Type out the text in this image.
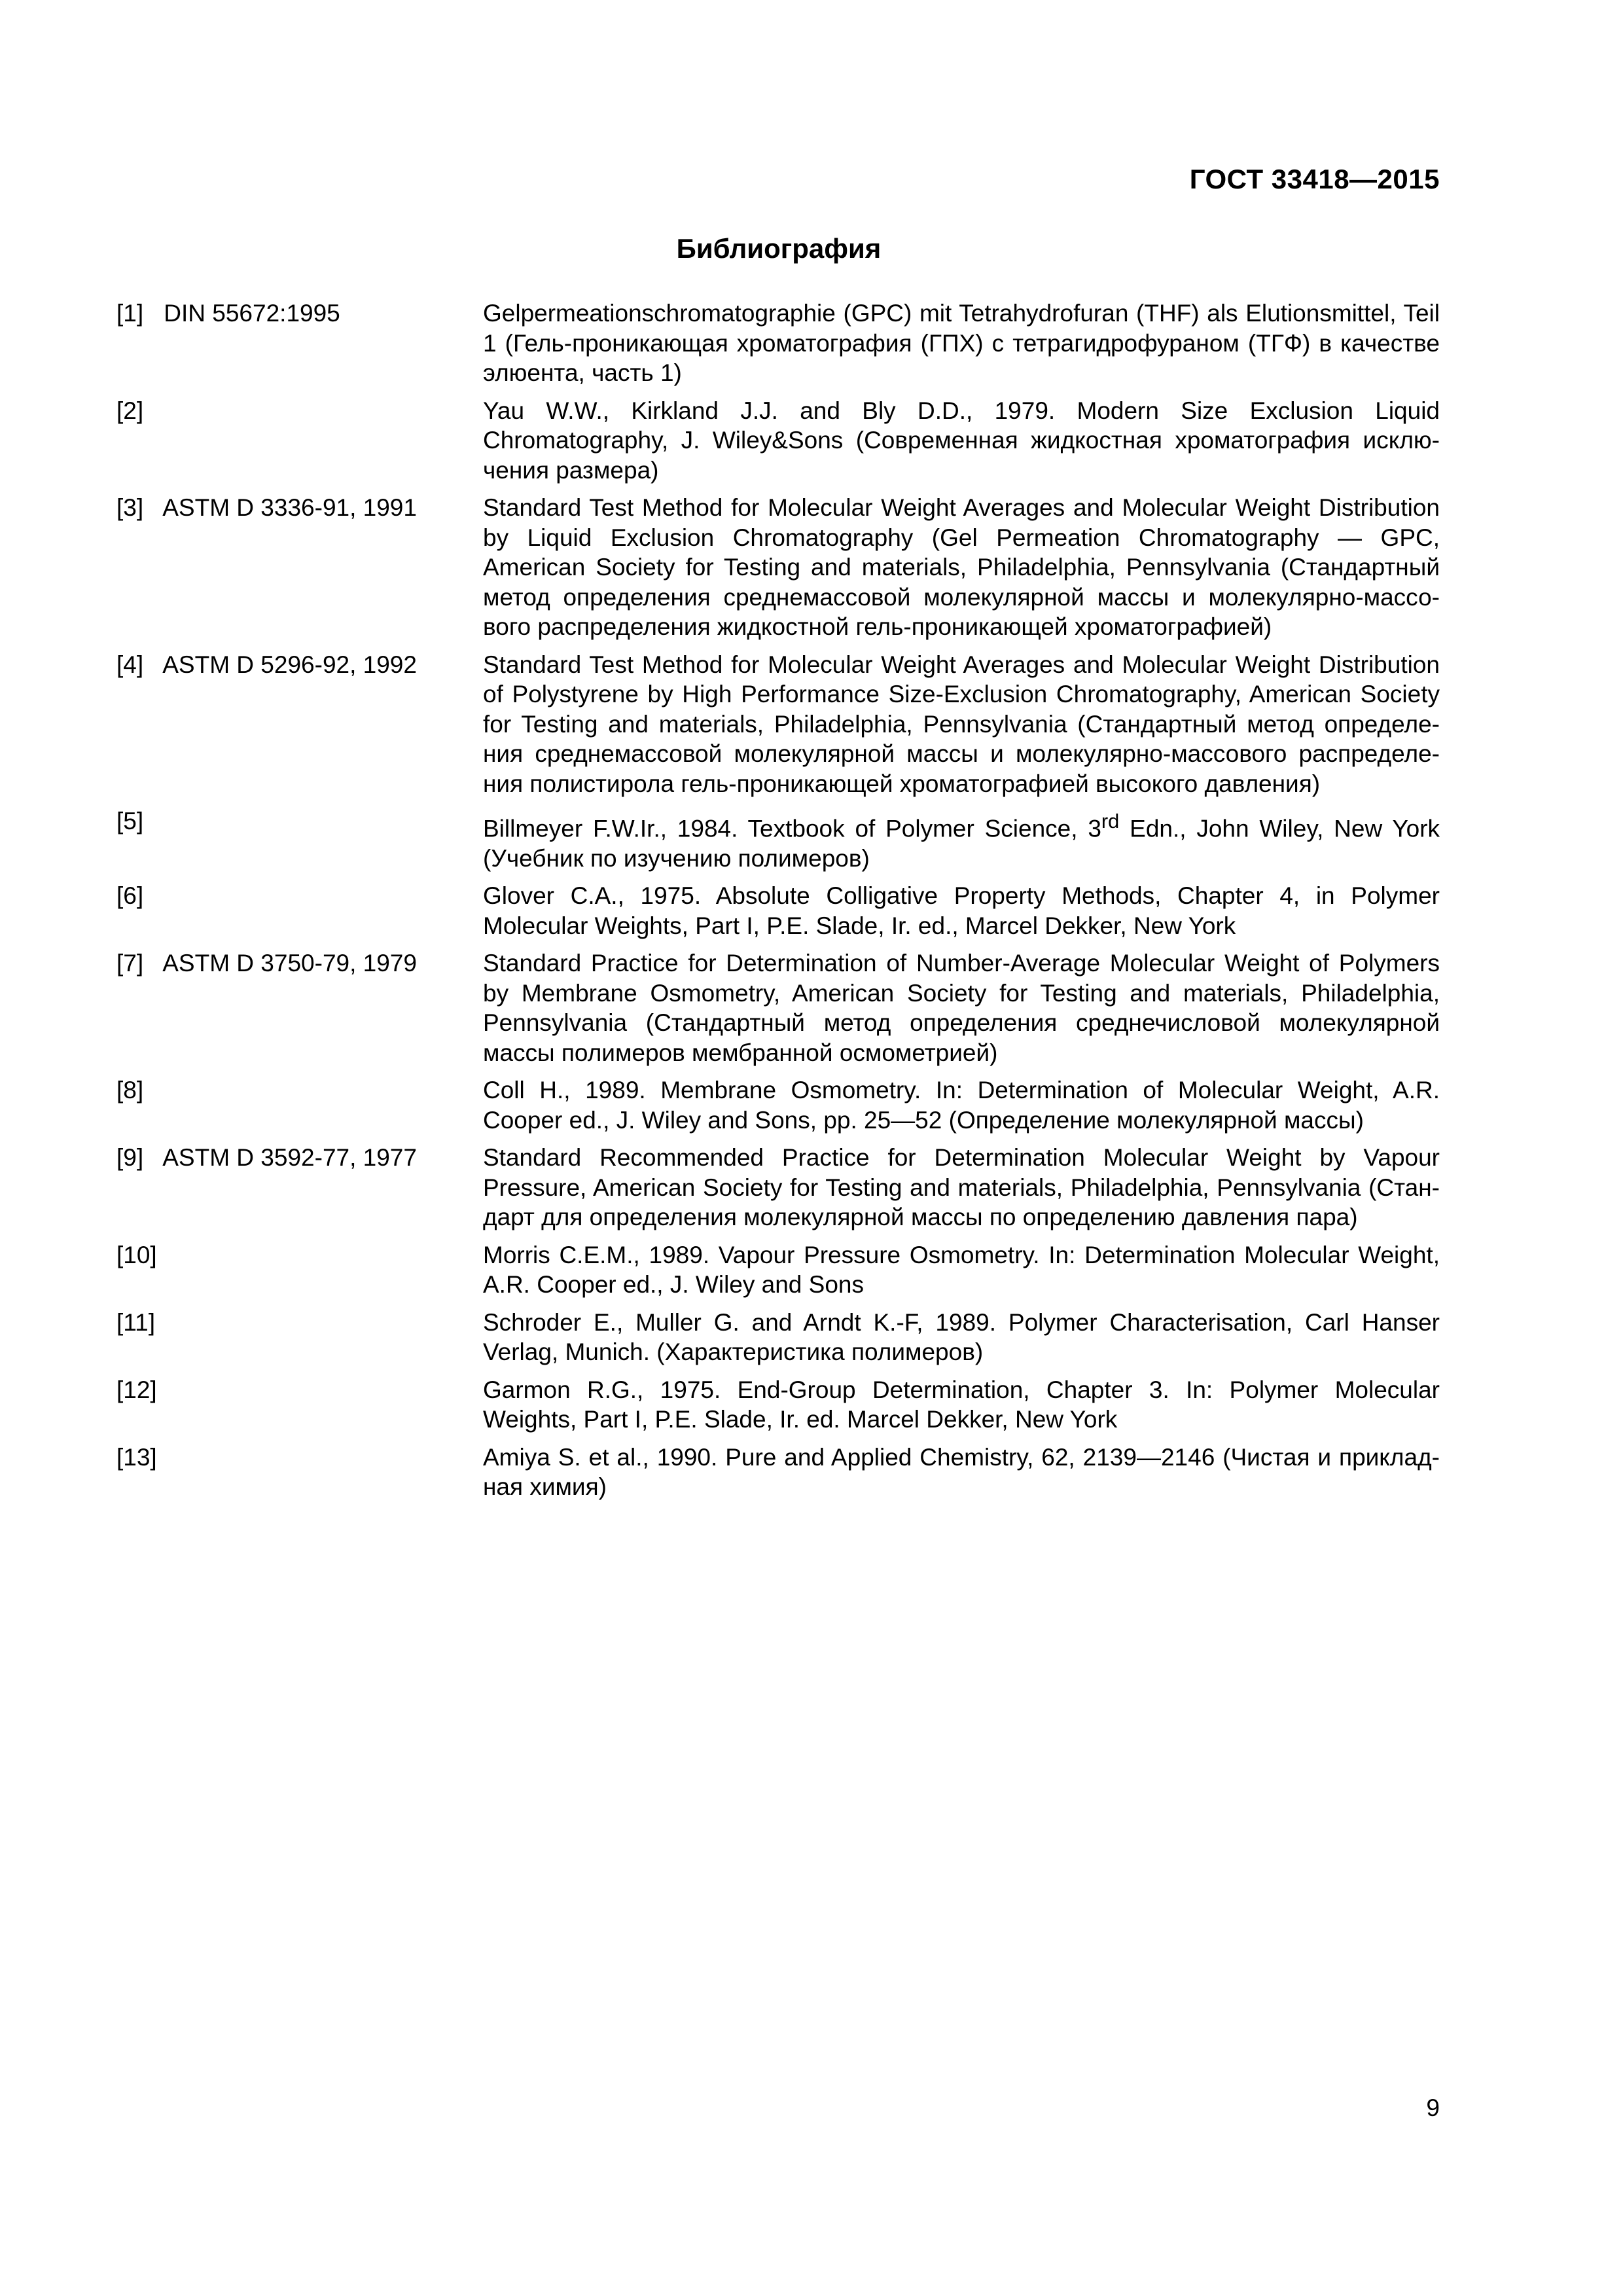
ГОСТ 33418—2015
Библиография
[1] DIN 55672:1995	Gelpermeationschromatographie (GPC) mit Tetrahydrofuran (THF) als Elutionsmittel, Teil 1 (Гель-проникающая хроматография (ГПХ) с тетрагидрофураном (ТГФ) в качестве элюента, часть 1)
[2]	Yau W.W., Kirkland J.J. and Bly D.D., 1979. Modern Size Exclusion Liquid Chromatography, J. Wiley&Sons (Современная жидкостная хроматография исключения размера)
[3] ASTM D 3336-91, 1991	Standard Test Method for Molecular Weight Averages and Molecular Weight Distribution by Liquid Exclusion Chromatography (Gel Permeation Chromatography — GPC, American Society for Testing and materials, Philadelphia, Pennsylvania (Стандартный метод определения среднемассовой молекулярной массы и молекулярно-массового распределения жидкостной гель-проникающей хроматографией)
[4] ASTM D 5296-92, 1992	Standard Test Method for Molecular Weight Averages and Molecular Weight Distribution of Polystyrene by High Performance Size-Exclusion Chromatography, American Society for Testing and materials, Philadelphia, Pennsylvania (Стандартный метод определения среднемассовой молекулярной массы и молекулярно-массового распределения полистирола гель-проникающей хроматографией высокого давления)
[5]	Billmeyer F.W.Ir., 1984. Textbook of Polymer Science, 3rd Edn., John Wiley, New York (Учебник по изучению полимеров)
[6]	Glover C.A., 1975. Absolute Colligative Property Methods, Chapter 4, in Polymer Molecular Weights, Part I, P.E. Slade, Ir. ed., Marcel Dekker, New York
[7] ASTM D 3750-79, 1979	Standard Practice for Determination of Number-Average Molecular Weight of Polymers by Membrane Osmometry, American Society for Testing and materials, Philadelphia, Pennsylvania (Стандартный метод определения среднечисловой молекулярной массы полимеров мембранной осмометрией)
[8]	Coll H., 1989. Membrane Osmometry. In: Determination of Molecular Weight, A.R. Cooper ed., J. Wiley and Sons, pp. 25—52 (Определение молекулярной массы)
[9] ASTM D 3592-77, 1977	Standard Recommended Practice for Determination Molecular Weight by Vapour Pressure, American Society for Testing and materials, Philadelphia, Pennsylvania (Стандарт для определения молекулярной массы по определению давления пара)
[10]	Morris C.E.M., 1989. Vapour Pressure Osmometry. In: Determination Molecular Weight, A.R. Cooper ed., J. Wiley and Sons
[11]	Schroder E., Muller G. and Arndt K.-F, 1989. Polymer Characterisation, Carl Hanser Verlag, Munich. (Характеристика полимеров)
[12]	Garmon R.G., 1975. End-Group Determination, Chapter 3. In: Polymer Molecular Weights, Part I, P.E. Slade, Ir. ed. Marcel Dekker, New York
[13]	Amiya S. et al., 1990. Pure and Applied Chemistry, 62, 2139—2146 (Чистая и прикладная химия)
9
